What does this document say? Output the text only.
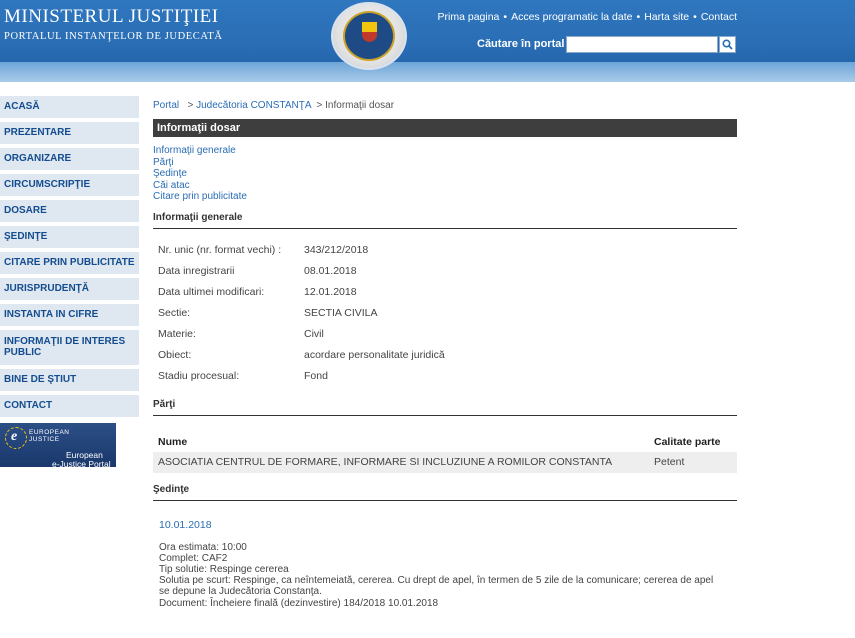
MINISTERUL JUSTIŢIEI
PORTALUL INSTANŢELOR DE JUDECATĂ
Prima pagina • Acces programatic la date • Harta site • Contact
Căutare în portal
ACASĂ
PREZENTARE
ORGANIZARE
CIRCUMSCRIPŢIE
DOSARE
ŞEDINŢE
CITARE PRIN PUBLICITATE
JURISPRUDENŢĂ
INSTANTA IN CIFRE
INFORMAŢII DE INTERES PUBLIC
BINE DE ŞTIUT
CONTACT
e EUROPEAN
JUSTICE
European
e-Justice Portal
Portal > Judecătoria CONSTANŢA > Informaţii dosar
Informaţii dosar
Informaţii generale
Părţi
Şedinţe
Căi atac
Citare prin publicitate
Informaţii generale
Nr. unic (nr. format vechi) :	343/212/2018
Data inregistrarii	08.01.2018
Data ultimei modificari:	12.01.2018
Sectie:	SECTIA CIVILA
Materie:	Civil
Obiect:	acordare personalitate juridică
Stadiu procesual:	Fond
Părţi
Nume	Calitate parte
ASOCIATIA CENTRUL DE FORMARE, INFORMARE SI INCLUZIUNE A ROMILOR CONSTANTA	Petent
Şedinţe
10.01.2018
Ora estimata: 10:00
Complet: CAF2
Tip solutie: Respinge cererea
Solutia pe scurt: Respinge, ca neîntemeiată, cererea. Cu drept de apel, în termen de 5 zile de la comunicare; cererea de apel
se depune la Judecătoria Constanţa.
Document: Încheiere finală (dezinvestire) 184/2018 10.01.2018
